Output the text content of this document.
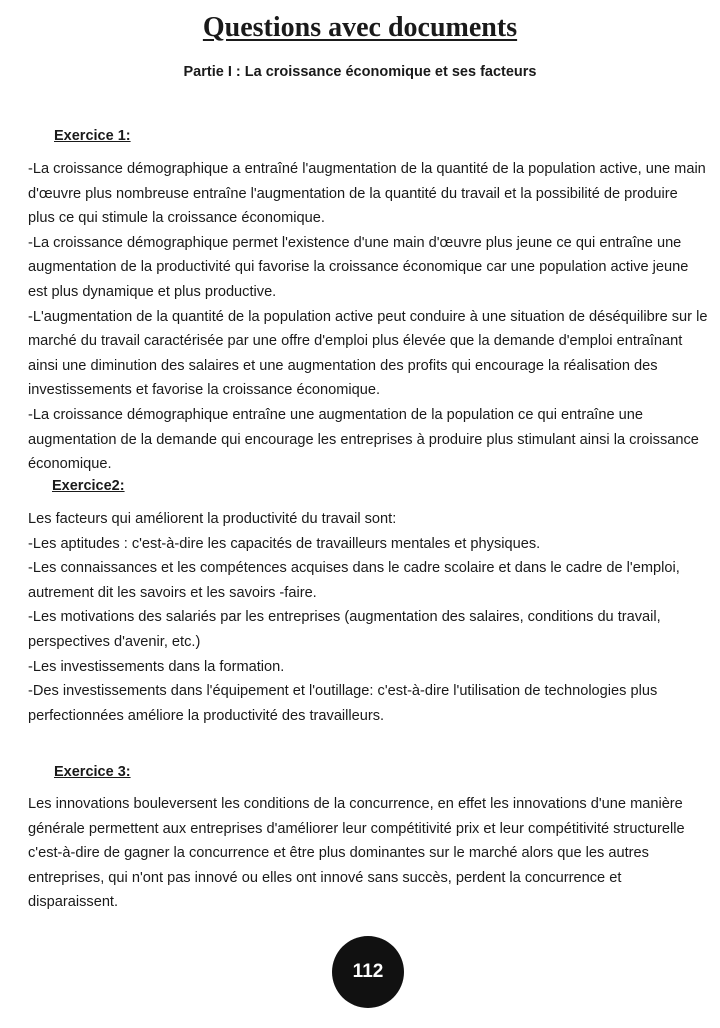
Questions avec documents
Partie I : La croissance économique et ses facteurs
Exercice 1:

-La croissance démographique a entraîné l'augmentation de la quantité de la population active, une main d'œuvre plus nombreuse entraîne l'augmentation de la quantité du travail et la possibilité de produire plus ce qui stimule la croissance économique.

-La croissance démographique permet l'existence d'une main d'œuvre plus jeune ce qui entraîne une augmentation de la productivité qui favorise la croissance économique car une population active jeune est plus dynamique et plus productive.

-L'augmentation de la quantité de la population active peut conduire à une situation de déséquilibre sur le marché du travail caractérisée par une offre d'emploi plus élevée que la demande d'emploi entraînant ainsi une diminution des salaires et une augmentation des profits qui encourage la réalisation des investissements et favorise la croissance économique.

-La croissance démographique entraîne une augmentation de la population ce qui entraîne une augmentation de la demande qui encourage les entreprises à produire plus stimulant ainsi la croissance économique.

Exercice2:

Les facteurs qui améliorent la productivité du travail sont:

-Les aptitudes : c'est-à-dire les capacités de travailleurs mentales et physiques.

-Les connaissances et les compétences acquises dans le cadre scolaire et dans le cadre de l'emploi, autrement dit les savoirs et les savoirs -faire.

-Les motivations des salariés par les entreprises (augmentation des salaires, conditions du travail, perspectives d'avenir, etc.)

-Les investissements dans la formation.

-Des investissements dans l'équipement et l'outillage: c'est-à-dire l'utilisation de technologies plus perfectionnées améliore la productivité des travailleurs.

Exercice 3:

Les innovations bouleversent les conditions de la concurrence, en effet les innovations d'une manière générale permettent aux entreprises d'améliorer leur compétitivité prix et leur compétitivité structurelle c'est-à-dire de gagner la concurrence et être plus dominantes sur le marché alors que les autres entreprises, qui n'ont pas innové ou elles ont innové sans succès, perdent la concurrence et disparaissent.

112
